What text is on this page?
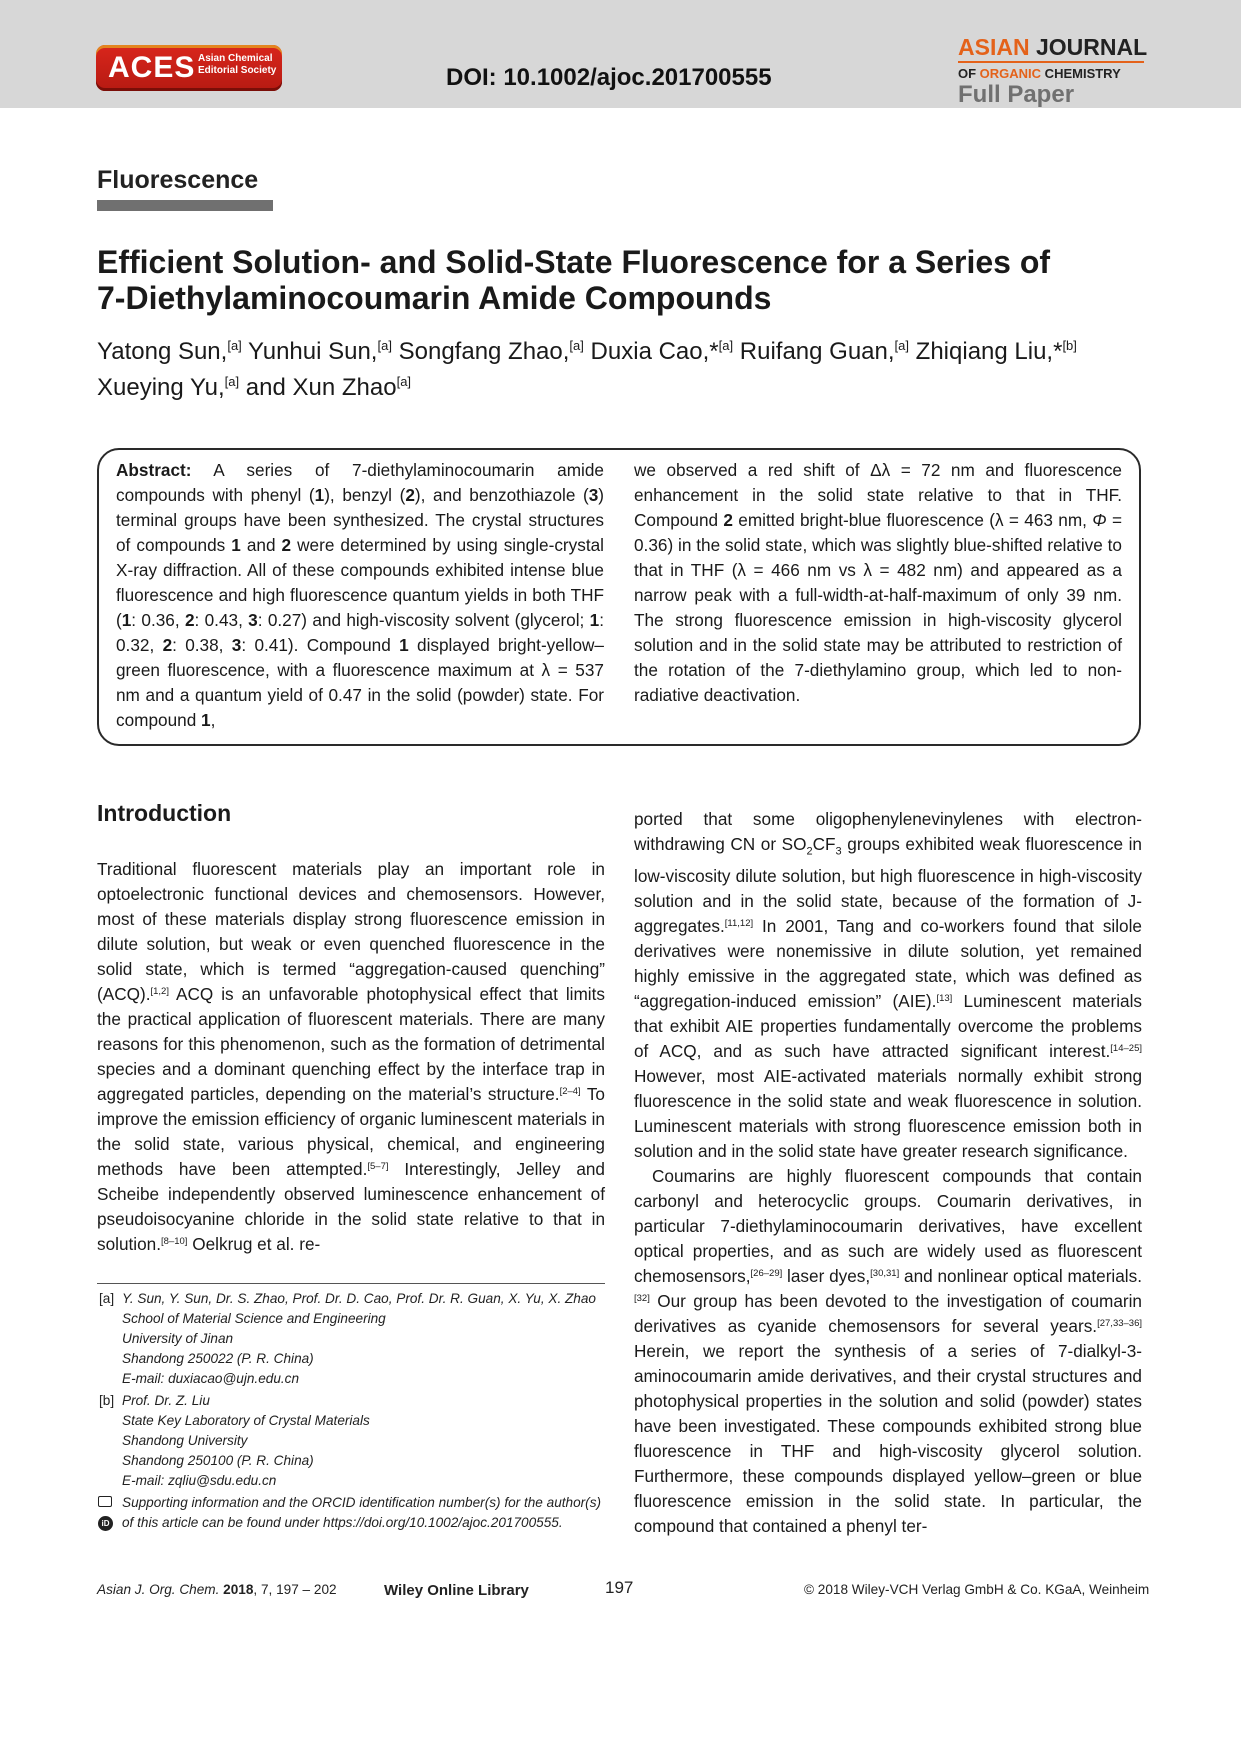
ACES Asian Chemical
Editorial Society	DOI: 10.1002/ajoc.201700555
ASIAN JOURNAL
OF ORGANIC CHEMISTRY
Full Paper
Fluorescence
Efficient Solution- and Solid-State Fluorescence for a Series of
7-Diethylaminocoumarin Amide Compounds
Yatong Sun,[a] Yunhui Sun,[a] Songfang Zhao,[a] Duxia Cao,*[a] Ruifang Guan,[a] Zhiqiang Liu,*[b]
Xueying Yu,[a] and Xun Zhao[a]
Abstract: A series of 7-diethylaminocoumarin amide compounds with phenyl (1), benzyl (2), and benzothiazole (3) terminal groups have been synthesized. The crystal structures of compounds 1 and 2 were determined by using single-crystal X-ray diffraction. All of these compounds exhibited intense blue fluorescence and high fluorescence quantum yields in both THF (1: 0.36, 2: 0.43, 3: 0.27) and high-viscosity solvent (glycerol; 1: 0.32, 2: 0.38, 3: 0.41). Compound 1 displayed bright-yellow–green fluorescence, with a fluorescence maximum at λ = 537 nm and a quantum yield of 0.47 in the solid (powder) state. For compound 1,
we observed a red shift of Δλ = 72 nm and fluorescence enhancement in the solid state relative to that in THF. Compound 2 emitted bright-blue fluorescence (λ = 463 nm, Φ = 0.36) in the solid state, which was slightly blue-shifted relative to that in THF (λ = 466 nm vs λ = 482 nm) and appeared as a narrow peak with a full-width-at-half-maximum of only 39 nm. The strong fluorescence emission in high-viscosity glycerol solution and in the solid state may be attributed to restriction of the rotation of the 7-diethylamino group, which led to non-radiative deactivation.
Introduction

Traditional fluorescent materials play an important role in optoelectronic functional devices and chemosensors. However, most of these materials display strong fluorescence emission in dilute solution, but weak or even quenched fluorescence in the solid state, which is termed “aggregation-caused quenching” (ACQ).[1,2] ACQ is an unfavorable photophysical effect that limits the practical application of fluorescent materials. There are many reasons for this phenomenon, such as the formation of detrimental species and a dominant quenching effect by the interface trap in aggregated particles, depending on the material’s structure.[2–4] To improve the emission efficiency of organic luminescent materials in the solid state, various physical, chemical, and engineering methods have been attempted.[5–7] Interestingly, Jelley and Scheibe independently observed luminescence enhancement of pseudoisocyanine chloride in the solid state relative to that in solution.[8–10] Oelkrug et al. re-

ported that some oligophenylenevinylenes with electron-withdrawing CN or $SO_2CF_3$ groups exhibited weak fluorescence in low-viscosity dilute solution, but high fluorescence in high-viscosity solution and in the solid state, because of the formation of J-aggregates.[11,12] In 2001, Tang and co-workers found that silole derivatives were nonemissive in dilute solution, yet remained highly emissive in the aggregated state, which was defined as “aggregation-induced emission” (AIE).[13] Luminescent materials that exhibit AIE properties fundamentally overcome the problems of ACQ, and as such have attracted significant interest.[14–25] However, most AIE-activated materials normally exhibit strong fluorescence in the solid state and weak fluorescence in solution. Luminescent materials with strong fluorescence emission both in solution and in the solid state have greater research significance.

Coumarins are highly fluorescent compounds that contain carbonyl and heterocyclic groups. Coumarin derivatives, in particular 7-diethylaminocoumarin derivatives, have excellent optical properties, and as such are widely used as fluorescent chemosensors,[26–29] laser dyes,[30,31] and nonlinear optical materials.[32] Our group has been devoted to the investigation of coumarin derivatives as cyanide chemosensors for several years.[27,33–36] Herein, we report the synthesis of a series of 7-dialkyl-3-aminocoumarin amide derivatives, and their crystal structures and photophysical properties in the solution and solid (powder) states have been investigated. These compounds exhibited strong blue fluorescence in THF and high-viscosity glycerol solution. Furthermore, these compounds displayed yellow–green or blue fluorescence emission in the solid state. In particular, the compound that contained a phenyl ter-

[a] Y. Sun, Y. Sun, Dr. S. Zhao, Prof. Dr. D. Cao, Prof. Dr. R. Guan, X. Yu, X. Zhao
School of Material Science and Engineering
University of Jinan
Shandong 250022 (P. R. China)
E-mail: duxiacao@ujn.edu.cn
[b] Prof. Dr. Z. Liu
State Key Laboratory of Crystal Materials
Shandong University
Shandong 250100 (P. R. China)
E-mail: zqliu@sdu.edu.cn
iD
Supporting information and the ORCID identification number(s) for the author(s) of this article can be found under https://doi.org/10.1002/ajoc.201700555.
Asian J. Org. Chem. 2018, 7, 197 – 202	Wiley Online Library	197	© 2018 Wiley-VCH Verlag GmbH & Co. KGaA, Weinheim
